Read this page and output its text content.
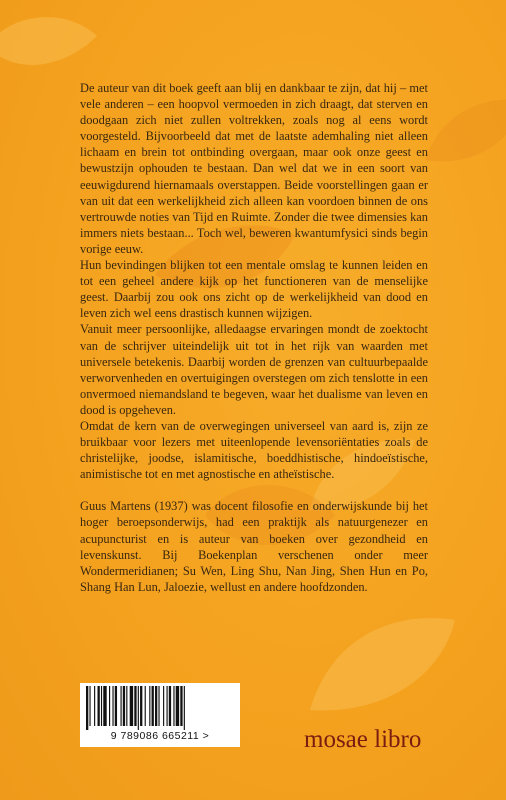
De auteur van dit boek geeft aan blij en dankbaar te zijn, dat hij – met vele anderen – een hoopvol vermoeden in zich draagt, dat sterven en doodgaan zich niet zullen voltrekken, zoals nog al eens wordt voorgesteld. Bijvoorbeeld dat met de laatste ademhaling niet alleen lichaam en brein tot ontbinding overgaan, maar ook onze geest en bewustzijn ophouden te bestaan. Dan wel dat we in een soort van eeuwigdurend hiernamaals overstappen. Beide voorstellingen gaan er van uit dat een werkelijkheid zich alleen kan voordoen binnen de ons vertrouwde noties van Tijd en Ruimte. Zonder die twee dimensies kan immers niets bestaan... Toch wel, beweren kwantumfysici sinds begin vorige eeuw.

Hun bevindingen blijken tot een mentale omslag te kunnen leiden en tot een geheel andere kijk op het functioneren van de menselijke geest. Daarbij zou ook ons zicht op de werkelijkheid van dood en leven zich wel eens drastisch kunnen wijzigen.

Vanuit meer persoonlijke, alledaagse ervaringen mondt de zoektocht van de schrijver uiteindelijk uit tot in het rijk van waarden met universele betekenis. Daarbij worden de grenzen van cultuurbepaalde verworvenheden en overtuigingen overstegen om zich tenslotte in een onvermoed niemandsland te begeven, waar het dualisme van leven en dood is opgeheven.

Omdat de kern van de overwegingen universeel van aard is, zijn ze bruikbaar voor lezers met uiteenlopende levensoriëntaties zoals de christelijke, joodse, islamitische, boeddhistische, hindoeïstische, animistische tot en met agnostische en atheïstische.

Guus Martens (1937) was docent filosofie en onderwijskunde bij het hoger beroepsonderwijs, had een praktijk als natuurgenezer en acupuncturist en is auteur van boeken over gezondheid en levenskunst. Bij Boekenplan verschenen onder meer Wondermeridianen; Su Wen, Ling Shu, Nan Jing, Shen Hun en Po, Shang Han Lun, Jaloezie, wellust en andere hoofdzonden.

9 789086 665211 >	mosae libro
